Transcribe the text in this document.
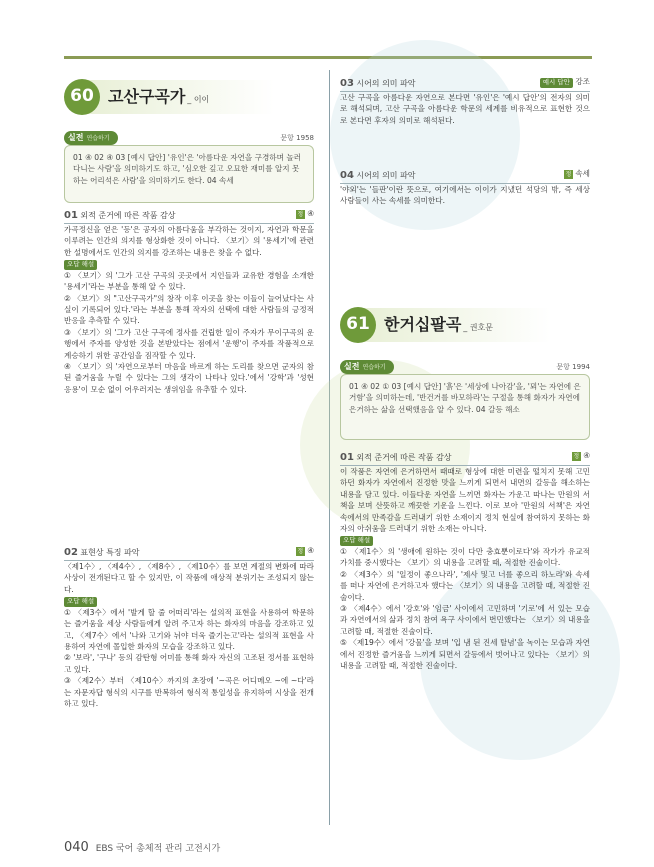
60 고산구곡가 _ 이이
실전 연습하기	문항 1958
01 ④ 02 ④ 03 [예시 답안] '유인'은 '아름다운 자연을 구경하며 놀러 다니는 사람'을 의미하기도 하고, '심오한 깊고 오묘한 재미를 알지 못하는 어리석은 사람'을 의미하기도 한다. 04 속세
01 외적 준거에 따른 작품 감상	정 ④
가곡정신을 얻은 '등'은 공자의 아름다움을 부각하는 것이지, 자연과 학문을 이루려는 인간의 의지를 형상화한 것이 아니다. 〈보기〉의 '용세기'에 관련한 설명에서도 인간의 의지를 강조하는 내용은 찾을 수 없다.
오답 해설
① 〈보기〉의 '그가 고산 구곡의 곳곳에서 지인들과 교유한 경험을 소개한 '용세기'라는 부분을 통해 알 수 있다.
② 〈보기〉의 "고산구곡가"의 창작 이후 이곳을 찾는 이들이 늘어났다는 사실이 기록되어 있다.'라는 부분을 통해 작자의 선택에 대한 사람들의 긍정적 반응을 추측할 수 있다.
③ 〈보기〉의 '그가 고산 구곡에 정사를 건립한 일이 주자가 무이구곡의 운행에서 주자를 양성한 것을 본받았다는 점에서 '운행'이 주자를 작품적으로 계승하기 위한 공간임을 짐작할 수 있다.
④ 〈보기〉의 '자연으로부터 마음을 바르게 하는 도리를 찾으면 군자의 참된 즐거움을 누릴 수 있다는 그의 생각이 나타나 있다.'에서 '강학'과 '성현 응용'이 모순 없이 어우러지는 생위임을 유추할 수 있다.
02 표현상 특징 파악	정 ④
〈제1수〉, 〈제4수〉, 〈제8수〉, 〈제10수〉를 보면 계절의 변화에 따라 사상이 전개된다고 할 수 있지만, 이 작품에 애상적 분위기는 조성되지 않는다.
오답 해설
① 〈제3수〉에서 '발게 할 줄 어떠리'라는 설의적 표현을 사용하여 학문하는 즐거움을 세상 사람들에게 알려 주고자 하는 화자의 마음을 강조하고 있고, 〈제7수〉에서 '나와 고기와 뉘야 더욱 즐기는고'라는 설의적 표현을 사용하여 자연에 몰입한 화자의 모습을 강조하고 있다.
② '보라', '구나' 등의 감탄형 어미를 통해 화자 자신의 고조된 정서를 표현하고 있다.
③ 〈제2수〉부터 〈제10수〉까지의 초장에 '~곡은 어디메오 ~에 ~다'라는 자문자답 형식의 시구를 반복하여 형식적 통일성을 유지하여 시상을 전개하고 있다.
03 시어의 의미 파악	예시 답안 강조
고산 구곡을 아름다운 자연으로 본다면 '유인'은 '예시 답안'의 전자의 의미로 해석되며, 고산 구곡을 아름다운 학문의 세계를 비유적으로 표현한 것으로 본다면 후자의 의미로 해석된다.
04 시어의 의미 파악	정 속세
'야외'는 '들판'이란 뜻으로, 여기에서는 이이가 지냈던 석당의 밖, 즉 세상 사람들이 사는 속세를 의미한다.
61 한거십팔곡 _ 권호문
실전 연습하기	문항 1994
01 ④ 02 ① 03 [예시 답안] '흙'은 '세상에 나아감'을, '뫼'는 자연에 은거함'을 의미하는데, '반건거를 바모하라'는 구절을 통해 화자가 자연에 은거하는 삶을 선택했음을 알 수 있다. 04 갈등 해소
01 외적 준거에 따른 작품 감상	정 ④
이 작품은 자연에 은거하면서 때때로 형상에 대한 미련을 떨치지 못해 고민하던 화자가 자연에서 진정한 맛을 느끼게 되면서 내면의 갈등을 해소하는 내용을 담고 있다. 이들다운 자연을 느끼면 화자는 가운고 따나는 만원의 서책을 보며 산뜻하고 깨끗한 기운을 느낀다. 이로 보아 '만원의 서책'은 자연 속에서의 만족감을 드러내기 위한 소재이지 정치 현실에 참여하지 못하는 화자의 아쉬움을 드러내기 위한 소재는 아니다.
오답 해설
① 〈제1수〉의 '생애에 원하는 것이 다만 충효뿐이로다'와 작가가 유교적 가치를 중시했다는 〈보기〉의 내용을 고려할 때, 적절한 진술이다.
② 〈제3수〉의 '일정이 좋으나라', '제사 및고 너를 좋으리 하노라'와 속세를 떠나 자연에 은거하고자 했다는 〈보기〉의 내용을 고려할 때, 적절한 진술이다.
③ 〈제4수〉에서 '강호'와 '임금' 사이에서 고민하며 '기로'에 서 있는 모습과 자연에서의 삶과 정치 참여 욕구 사이에서 번민했다는 〈보기〉의 내용을 고려할 때, 적절한 진술이다.
⑤ 〈제19수〉에서 '강물'을 보며 '입 냄 된 진세 탈념'을 녹이는 모습과 자연에서 진정한 즐거움을 느끼게 되면서 갈등에서 벗어나고 있다는 〈보기〉의 내용을 고려할 때, 적절한 진술이다.
040 EBS 국어 총체적 관리 고전시가
